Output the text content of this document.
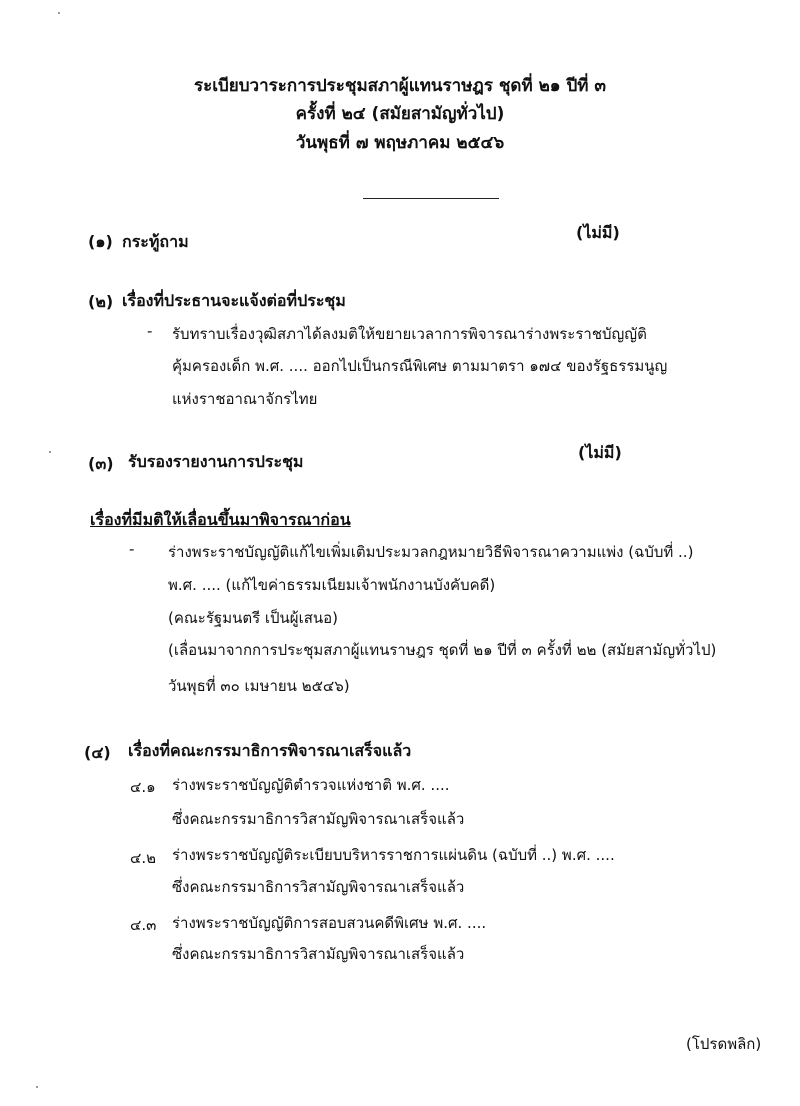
ระเบียบวาระการประชุมสภาผู้แทนราษฎร ชุดที่ ๒๑ ปีที่ ๓
ครั้งที่ ๒๔ (สมัยสามัญทั่วไป)
วันพุธที่ ๗ พฤษภาคม ๒๕๔๖
(๑) กระทู้ถาม	(ไม่มี)
(๒) เรื่องที่ประธานจะแจ้งต่อที่ประชุม
- รับทราบเรื่องวุฒิสภาได้ลงมติให้ขยายเวลาการพิจารณาร่างพระราชบัญญัติ
คุ้มครองเด็ก พ.ศ. .... ออกไปเป็นกรณีพิเศษ ตามมาตรา ๑๗๔ ของรัฐธรรมนูญ
แห่งราชอาณาจักรไทย
(๓) รับรองรายงานการประชุม	(ไม่มี)
เรื่องที่มีมติให้เลื่อนขึ้นมาพิจารณาก่อน
- ร่างพระราชบัญญัติแก้ไขเพิ่มเติมประมวลกฎหมายวิธีพิจารณาความแพ่ง (ฉบับที่ ..)
พ.ศ. .... (แก้ไขค่าธรรมเนียมเจ้าพนักงานบังคับคดี)
(คณะรัฐมนตรี เป็นผู้เสนอ)
(เลื่อนมาจากการประชุมสภาผู้แทนราษฎร ชุดที่ ๒๑ ปีที่ ๓ ครั้งที่ ๒๒ (สมัยสามัญทั่วไป)
วันพุธที่ ๓๐ เมษายน ๒๕๔๖)
(๔) เรื่องที่คณะกรรมาธิการพิจารณาเสร็จแล้ว
๔.๑ ร่างพระราชบัญญัติตำรวจแห่งชาติ พ.ศ. ....
ซึ่งคณะกรรมาธิการวิสามัญพิจารณาเสร็จแล้ว
๔.๒ ร่างพระราชบัญญัติระเบียบบริหารราชการแผ่นดิน (ฉบับที่ ..) พ.ศ. ....
ซึ่งคณะกรรมาธิการวิสามัญพิจารณาเสร็จแล้ว
๔.๓ ร่างพระราชบัญญัติการสอบสวนคดีพิเศษ พ.ศ. ....
ซึ่งคณะกรรมาธิการวิสามัญพิจารณาเสร็จแล้ว
(โปรดพลิก)
